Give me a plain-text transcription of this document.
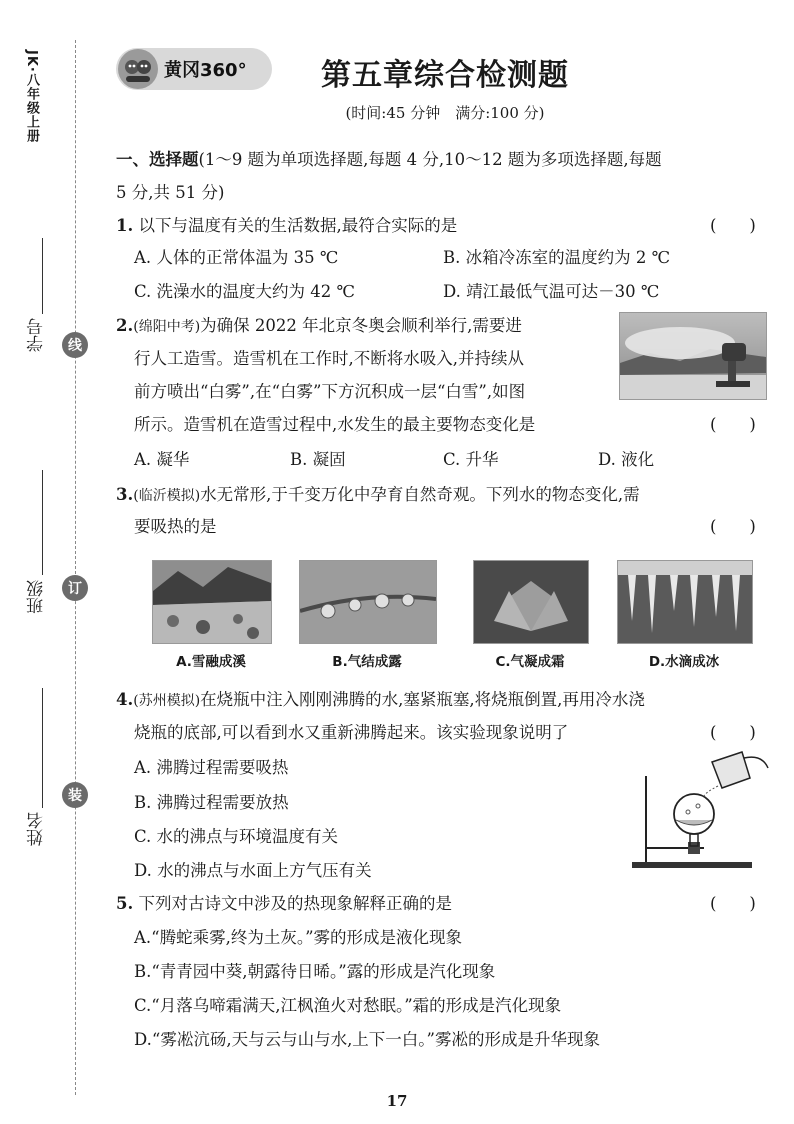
JK·八年级上册
学号
班级
姓名
线
订
装
黄冈360°	第五章综合检测题
(时间:45 分钟　满分:100 分)
一、选择题(1～9 题为单项选择题,每题 4 分,10～12 题为多项选择题,每题
5 分,共 51 分)
1. 以下与温度有关的生活数据,最符合实际的是	(　　)
A. 人体的正常体温为 35 ℃	B. 冰箱冷冻室的温度约为 2 ℃
C. 洗澡水的温度大约为 42 ℃	D. 靖江最低气温可达－30 ℃
2.(绵阳中考)为确保 2022 年北京冬奥会顺利举行,需要进
行人工造雪。造雪机在工作时,不断将水吸入,并持续从
前方喷出“白雾”,在“白雾”下方沉积成一层“白雪”,如图
所示。造雪机在造雪过程中,水发生的最主要物态变化是	(　　)
A. 凝华	B. 凝固	C. 升华	D. 液化
3.(临沂模拟)水无常形,于千变万化中孕育自然奇观。下列水的物态变化,需
要吸热的是	(　　)
A.雪融成溪	B.气结成露	C.气凝成霜	D.水滴成冰
4.(苏州模拟)在烧瓶中注入刚刚沸腾的水,塞紧瓶塞,将烧瓶倒置,再用冷水浇
烧瓶的底部,可以看到水又重新沸腾起来。该实验现象说明了	(　　)
A. 沸腾过程需要吸热
B. 沸腾过程需要放热
C. 水的沸点与环境温度有关
D. 水的沸点与水面上方气压有关
5. 下列对古诗文中涉及的热现象解释正确的是	(　　)
A.“腾蛇乘雾,终为土灰。”雾的形成是液化现象
B.“青青园中葵,朝露待日晞。”露的形成是汽化现象
C.“月落乌啼霜满天,江枫渔火对愁眠。”霜的形成是汽化现象
D.“雾凇沆砀,天与云与山与水,上下一白。”雾凇的形成是升华现象
17
